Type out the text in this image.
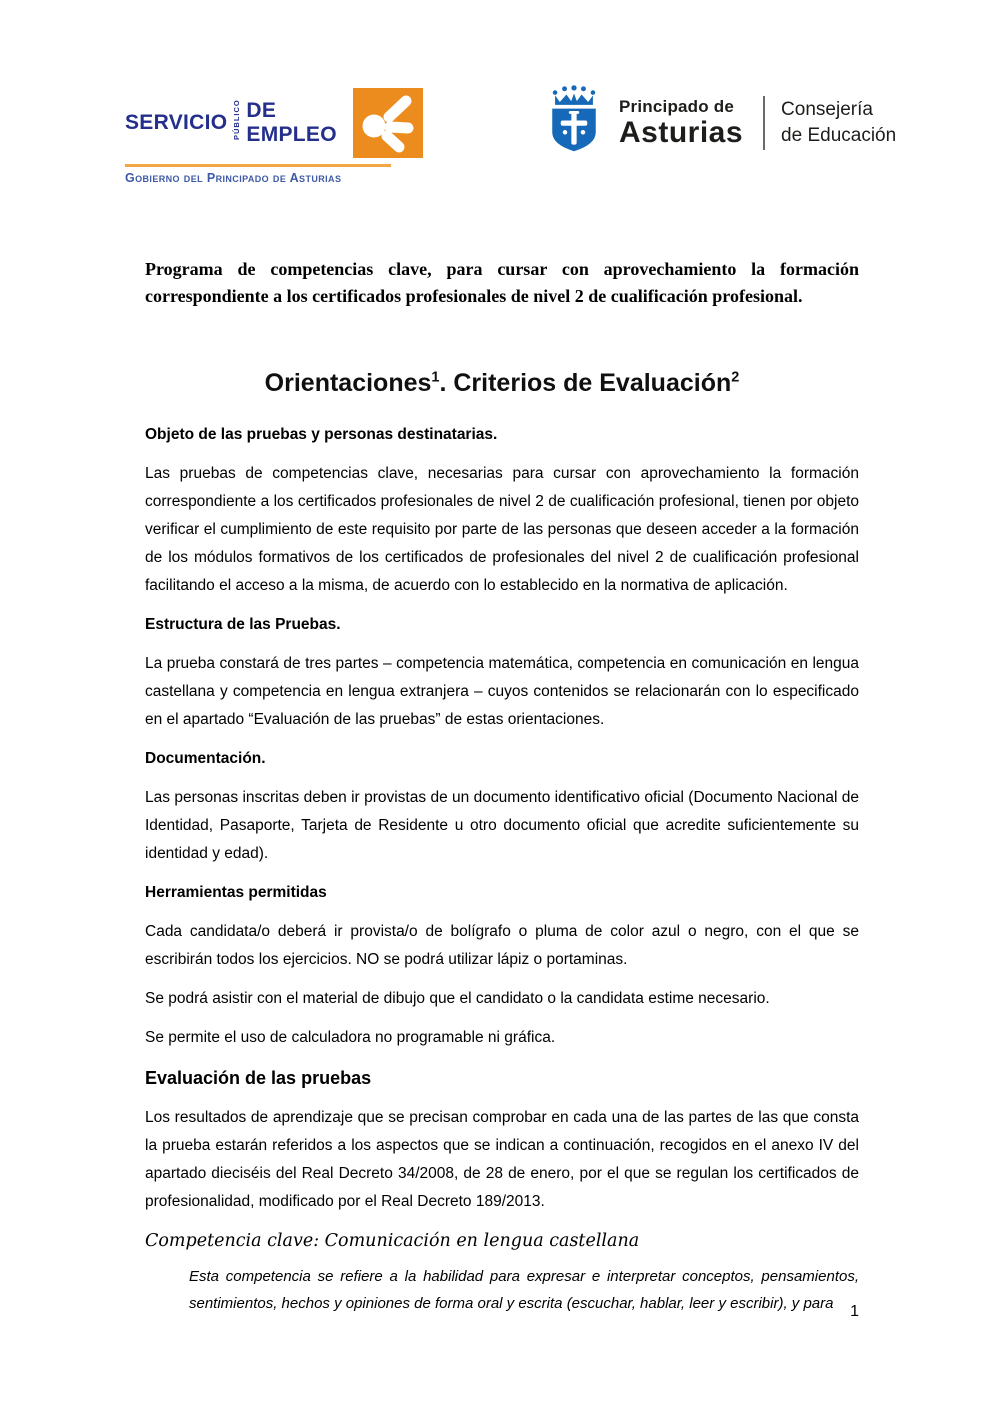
SERVICIO PÚBLICO DE EMPLEO
Gobierno del Principado de Asturias
Principado de
Asturias
Consejería
de Educación

Programa de competencias clave, para cursar con aprovechamiento la formación correspondiente a los certificados profesionales de nivel 2 de cualificación profesional.

Orientaciones$^1$. Criterios de Evaluación$^2$
Objeto de las pruebas y personas destinatarias.

Las pruebas de competencias clave, necesarias para cursar con aprovechamiento la formación correspondiente a los certificados profesionales de nivel 2 de cualificación profesional, tienen por objeto verificar el cumplimiento de este requisito por parte de las personas que deseen acceder a la formación de los módulos formativos de los certificados de profesionales del nivel 2 de cualificación profesional facilitando el acceso a la misma, de acuerdo con lo establecido en la normativa de aplicación.

Estructura de las Pruebas.

La prueba constará de tres partes – competencia matemática, competencia en comunicación en lengua castellana y competencia en lengua extranjera – cuyos contenidos se relacionarán con lo especificado en el apartado “Evaluación de las pruebas” de estas orientaciones.

Documentación.

Las personas inscritas deben ir provistas de un documento identificativo oficial (Documento Nacional de Identidad, Pasaporte, Tarjeta de Residente u otro documento oficial que acredite suficientemente su identidad y edad).

Herramientas permitidas

Cada candidata/o deberá ir provista/o de bolígrafo o pluma de color azul o negro, con el que se escribirán todos los ejercicios. NO se podrá utilizar lápiz o portaminas.

Se podrá asistir con el material de dibujo que el candidato o la candidata estime necesario.

Se permite el uso de calculadora no programable ni gráfica.

Evaluación de las pruebas

Los resultados de aprendizaje que se precisan comprobar en cada una de las partes de las que consta la prueba estarán referidos a los aspectos que se indican a continuación, recogidos en el anexo IV del apartado dieciséis del Real Decreto 34/2008, de 28 de enero, por el que se regulan los certificados de profesionalidad, modificado por el Real Decreto 189/2013.

Competencia clave: Comunicación en lengua castellana

Esta competencia se refiere a la habilidad para expresar e interpretar conceptos, pensamientos, sentimientos, hechos y opiniones de forma oral y escrita (escuchar, hablar, leer y escribir), y para	1
